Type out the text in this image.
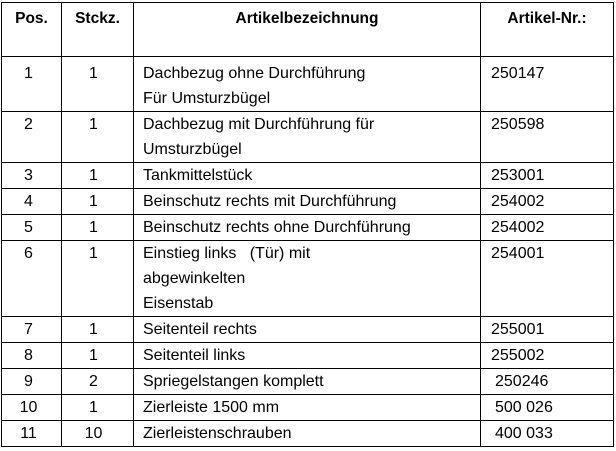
Pos.	Stckz.	Artikelbezeichnung	Artikel-Nr.:
1	1	Dachbezug ohne Durchführung
Für Umsturzbügel	250147
2	1	Dachbezug mit Durchführung für
Umsturzbügel	250598
3	1	Tankmittelstück	253001
4	1	Beinschutz rechts mit Durchführung	254002
5	1	Beinschutz rechts ohne Durchführung	254002
6	1	Einstieg links   (Tür) mit
abgewinkelten
Eisenstab	254001
7	1	Seitenteil rechts	255001
8	1	Seitenteil links	255002
9	2	Spriegelstangen komplett	250246
10	1	Zierleiste 1500 mm	500 026
11	10	Zierleistenschrauben	400 033
